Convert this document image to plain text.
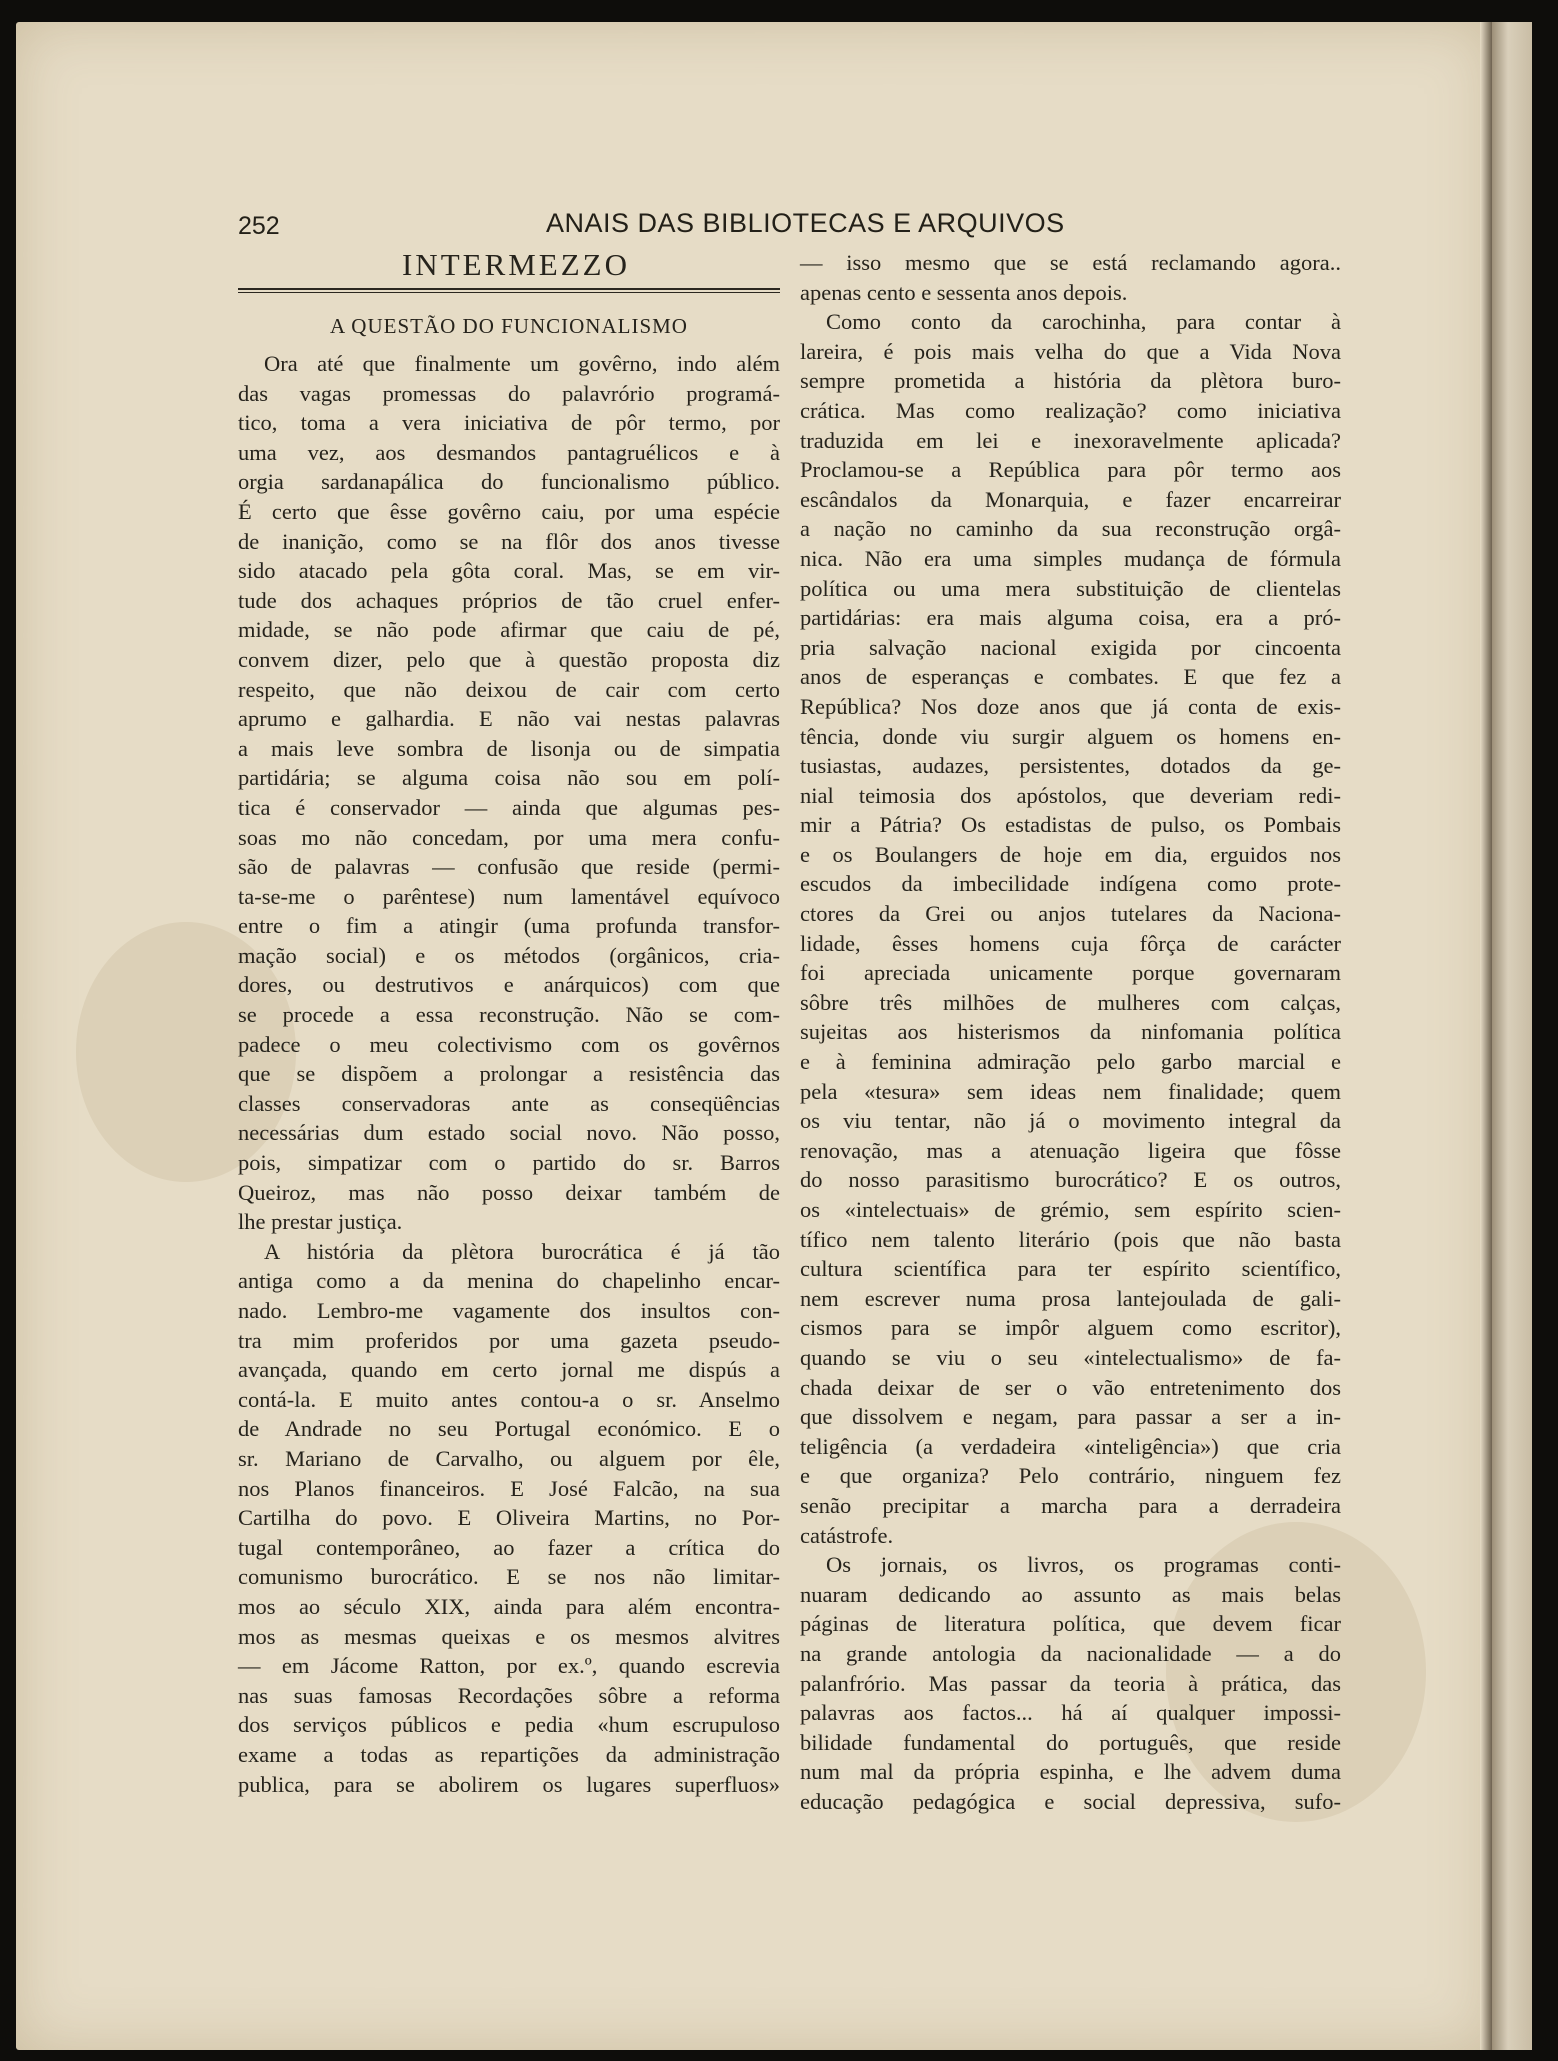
252	ANAIS DAS BIBLIOTECAS E ARQUIVOS
INTERMEZZO
A QUESTÃO DO FUNCIONALISMO
Ora até que finalmente um govêrno, indo além
das vagas promessas do palavrório programá-
tico, toma a vera iniciativa de pôr termo, por
uma vez, aos desmandos pantagruélicos e à
orgia sardanapálica do funcionalismo público.
É certo que êsse govêrno caiu, por uma espécie
de inanição, como se na flôr dos anos tivesse
sido atacado pela gôta coral. Mas, se em vir-
tude dos achaques próprios de tão cruel enfer-
midade, se não pode afirmar que caiu de pé,
convem dizer, pelo que à questão proposta diz
respeito, que não deixou de cair com certo
aprumo e galhardia. E não vai nestas palavras
a mais leve sombra de lisonja ou de simpatia
partidária; se alguma coisa não sou em polí-
tica é conservador — ainda que algumas pes-
soas mo não concedam, por uma mera confu-
são de palavras — confusão que reside (permi-
ta-se-me o parêntese) num lamentável equívoco
entre o fim a atingir (uma profunda transfor-
mação social) e os métodos (orgânicos, cria-
dores, ou destrutivos e anárquicos) com que
se procede a essa reconstrução. Não se com-
padece o meu colectivismo com os govêrnos
que se dispõem a prolongar a resistência das
classes conservadoras ante as conseqüências
necessárias dum estado social novo. Não posso,
pois, simpatizar com o partido do sr. Barros
Queiroz, mas não posso deixar também de
lhe prestar justiça.
A história da plètora burocrática é já tão
antiga como a da menina do chapelinho encar-
nado. Lembro-me vagamente dos insultos con-
tra mim proferidos por uma gazeta pseudo-
avançada, quando em certo jornal me dispús a
contá-la. E muito antes contou-a o sr. Anselmo
de Andrade no seu Portugal económico. E o
sr. Mariano de Carvalho, ou alguem por êle,
nos Planos financeiros. E José Falcão, na sua
Cartilha do povo. E Oliveira Martins, no Por-
tugal contemporâneo, ao fazer a crítica do
comunismo burocrático. E se nos não limitar-
mos ao século XIX, ainda para além encontra-
mos as mesmas queixas e os mesmos alvitres
— em Jácome Ratton, por ex.º, quando escrevia
nas suas famosas Recordações sôbre a reforma
dos serviços públicos e pedia «hum escrupuloso
exame a todas as repartições da administração
publica, para se abolirem os lugares superfluos»
— isso mesmo que se está reclamando agora..
apenas cento e sessenta anos depois.
Como conto da carochinha, para contar à
lareira, é pois mais velha do que a Vida Nova
sempre prometida a história da plètora buro-
crática. Mas como realização? como iniciativa
traduzida em lei e inexoravelmente aplicada?
Proclamou-se a República para pôr termo aos
escândalos da Monarquia, e fazer encarreirar
a nação no caminho da sua reconstrução orgâ-
nica. Não era uma simples mudança de fórmula
política ou uma mera substituição de clientelas
partidárias: era mais alguma coisa, era a pró-
pria salvação nacional exigida por cincoenta
anos de esperanças e combates. E que fez a
República? Nos doze anos que já conta de exis-
tência, donde viu surgir alguem os homens en-
tusiastas, audazes, persistentes, dotados da ge-
nial teimosia dos apóstolos, que deveriam redi-
mir a Pátria? Os estadistas de pulso, os Pombais
e os Boulangers de hoje em dia, erguidos nos
escudos da imbecilidade indígena como prote-
ctores da Grei ou anjos tutelares da Naciona-
lidade, êsses homens cuja fôrça de carácter
foi apreciada unicamente porque governaram
sôbre três milhões de mulheres com calças,
sujeitas aos histerismos da ninfomania política
e à feminina admiração pelo garbo marcial e
pela «tesura» sem ideas nem finalidade; quem
os viu tentar, não já o movimento integral da
renovação, mas a atenuação ligeira que fôsse
do nosso parasitismo burocrático? E os outros,
os «intelectuais» de grémio, sem espírito scien-
tífico nem talento literário (pois que não basta
cultura scientífica para ter espírito scientífico,
nem escrever numa prosa lantejoulada de gali-
cismos para se impôr alguem como escritor),
quando se viu o seu «intelectualismo» de fa-
chada deixar de ser o vão entretenimento dos
que dissolvem e negam, para passar a ser a in-
teligência (a verdadeira «inteligência») que cria
e que organiza? Pelo contrário, ninguem fez
senão precipitar a marcha para a derradeira
catástrofe.
Os jornais, os livros, os programas conti-
nuaram dedicando ao assunto as mais belas
páginas de literatura política, que devem ficar
na grande antologia da nacionalidade — a do
palanfrório. Mas passar da teoria à prática, das
palavras aos factos... há aí qualquer impossi-
bilidade fundamental do português, que reside
num mal da própria espinha, e lhe advem duma
educação pedagógica e social depressiva, sufo-
